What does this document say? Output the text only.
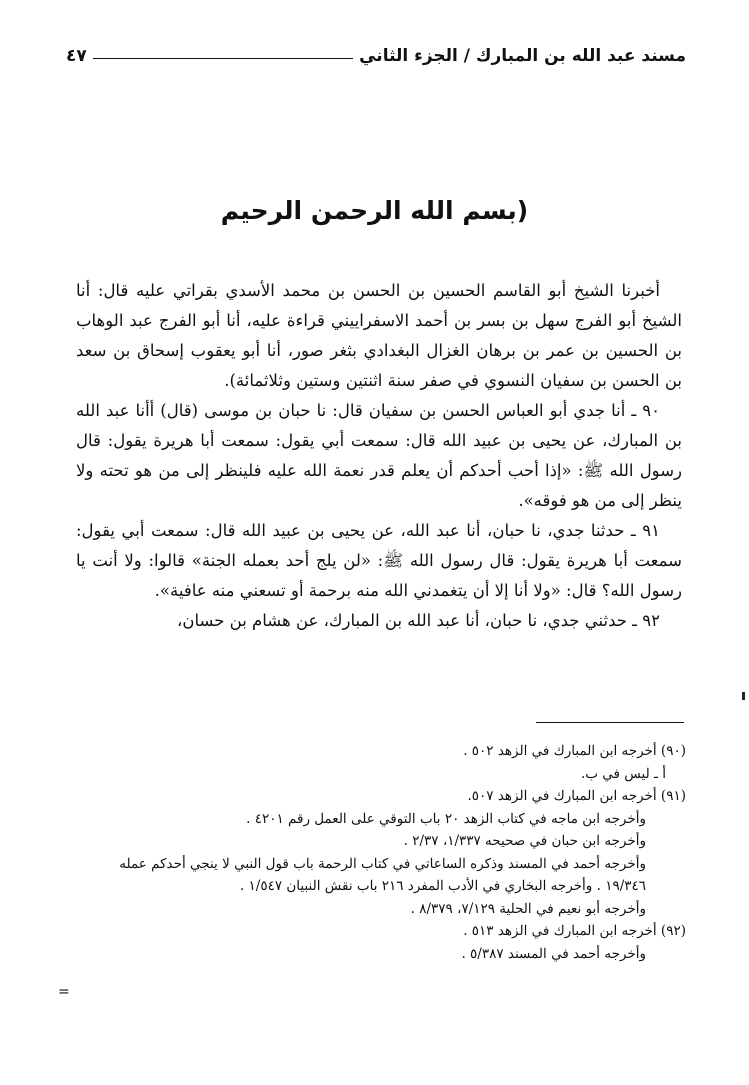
مسند عبد الله بن المبارك / الجزء الثاني
٤٧
(بسم الله الرحمن الرحيم

أخبرنا الشيخ أبو القاسم الحسين بن الحسن بن محمد الأسدي بقراتي عليه قال: أنا الشيخ أبو الفرج سهل بن بسر بن أحمد الاسفراييني قراءة عليه، أنا أبو الفرج عبد الوهاب بن الحسين بن عمر بن برهان الغزال البغدادي بثغر صور، أنا أبو يعقوب إسحاق بن سعد بن الحسن بن سفيان النسوي في صفر سنة اثنتين وستين وثلاثمائة).

٩٠ ـ أنا جدي أبو العباس الحسن بن سفيان قال: نا حبان بن موسى (قال) أأنا عبد الله بن المبارك، عن يحيى بن عبيد الله قال: سمعت أبي يقول: سمعت أبا هريرة يقول: قال رسول الله ﷺ: «إذا أحب أحدكم أن يعلم قدر نعمة الله عليه فلينظر إلى من هو تحته ولا ينظر إلى من هو فوقه».

٩١ ـ حدثنا جدي، نا حبان، أنا عبد الله، عن يحيى بن عبيد الله قال: سمعت أبي يقول: سمعت أبا هريرة يقول: قال رسول الله ﷺ: «لن يلج أحد بعمله الجنة» قالوا: ولا أنت يا رسول الله؟ قال: «ولا أنا إلا أن يتغمدني الله منه برحمة أو تسعني منه عافية».

٩٢ ـ حدثني جدي، نا حبان، أنا عبد الله بن المبارك، عن هشام بن حسان،

(٩٠) أخرجه ابن المبارك في الزهد ٥٠٢ .

أ ـ ليس في ب.

(٩١) أخرجه ابن المبارك في الزهد ٥٠٧.

وأخرجه ابن ماجه في كتاب الزهد ٢٠ باب التوقي على العمل رقم ٤٢٠١ .

وأخرجه ابن حبان في صحيحه ١/٣٣٧، ٢/٣٧ .

وأخرجه أحمد في المسند وذكره الساعاتي في كتاب الرحمة باب قول النبي لا ينجي أحدكم عمله

١٩/٣٤٦ . وأخرجه البخاري في الأدب المفرد ٢١٦ باب نقش النبيان ١/٥٤٧ .

وأخرجه أبو نعيم في الحلية ٧/١٢٩، ٨/٣٧٩ .

(٩٢) أخرجه ابن المبارك في الزهد ٥١٣ .

وأخرجه أحمد في المسند ٥/٣٨٧ .

=
